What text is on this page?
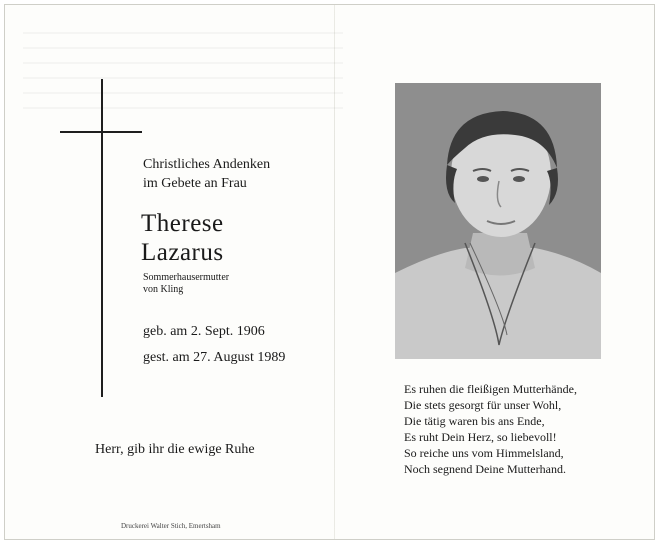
Christliches Andenken
im Gebete an Frau
Therese
Lazarus
Sommerhausermutter
von Kling
geb. am 2. Sept. 1906
gest. am 27. August 1989
Herr, gib ihr die ewige Ruhe
Druckerei Walter Stich, Emertsham
Es ruhen die fleißigen Mutterhände,
Die stets gesorgt für unser Wohl,
Die tätig waren bis ans Ende,
Es ruht Dein Herz, so liebevoll!
So reiche uns vom Himmelsland,
Noch segnend Deine Mutterhand.
